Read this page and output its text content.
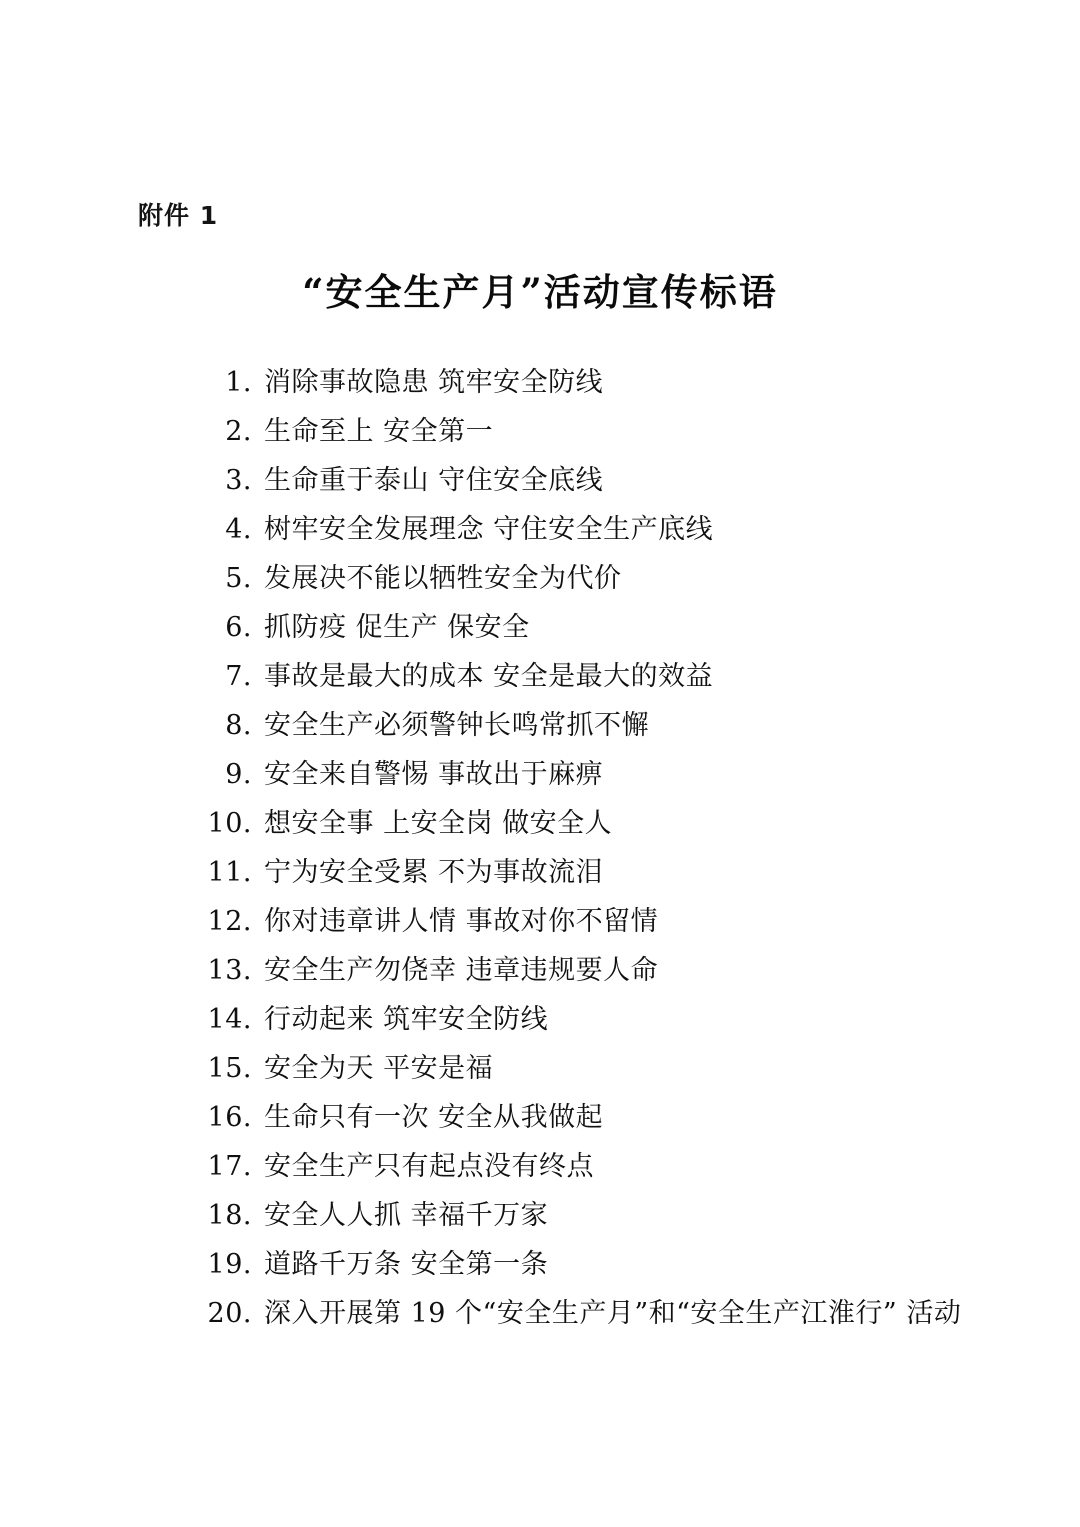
附件 1
“安全生产月”活动宣传标语
1. 消除事故隐患 筑牢安全防线
2. 生命至上 安全第一
3. 生命重于泰山 守住安全底线
4. 树牢安全发展理念 守住安全生产底线
5. 发展决不能以牺牲安全为代价
6. 抓防疫 促生产 保安全
7. 事故是最大的成本 安全是最大的效益
8. 安全生产必须警钟长鸣常抓不懈
9. 安全来自警惕 事故出于麻痹
10. 想安全事 上安全岗 做安全人
11. 宁为安全受累 不为事故流泪
12. 你对违章讲人情 事故对你不留情
13. 安全生产勿侥幸 违章违规要人命
14. 行动起来 筑牢安全防线
15. 安全为天 平安是福
16. 生命只有一次 安全从我做起
17. 安全生产只有起点没有终点
18. 安全人人抓 幸福千万家
19. 道路千万条 安全第一条
20. 深入开展第 19 个“安全生产月”和“安全生产江淮行” 活动
